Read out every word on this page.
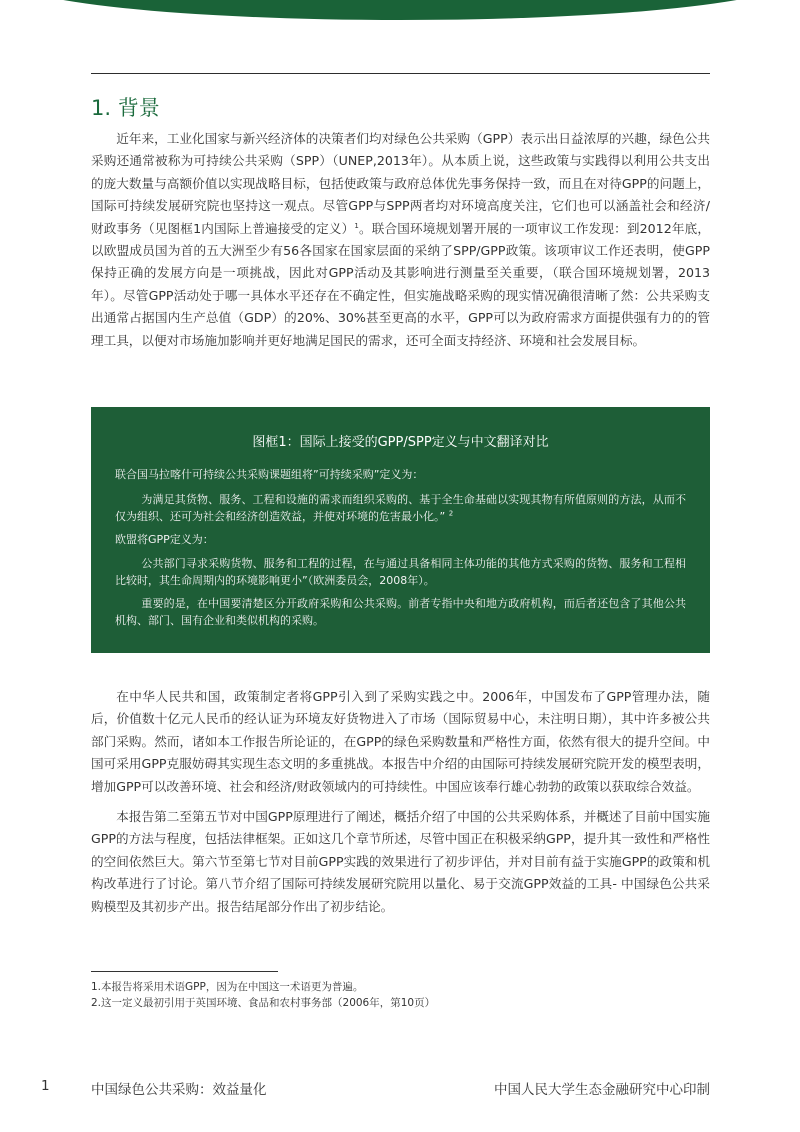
1. 背景

近年来，工业化国家与新兴经济体的决策者们均对绿色公共采购（GPP）表示出日益浓厚的兴趣，绿色公共采购还通常被称为可持续公共采购（SPP）（UNEP,2013年）。从本质上说，这些政策与实践得以利用公共支出的庞大数量与高额价值以实现战略目标，包括使政策与政府总体优先事务保持一致，而且在对待GPP的问题上，国际可持续发展研究院也坚持这一观点。尽管GPP与SPP两者均对环境高度关注，它们也可以涵盖社会和经济/财政事务（见图框1内国际上普遍接受的定义）$^1$。联合国环境规划署开展的一项审议工作发现：到2012年底，以欧盟成员国为首的五大洲至少有56各国家在国家层面的采纳了SPP/GPP政策。该项审议工作还表明，使GPP保持正确的发展方向是一项挑战，因此对GPP活动及其影响进行测量至关重要，（联合国环境规划署，2013年）。尽管GPP活动处于哪一具体水平还存在不确定性，但实施战略采购的现实情况确很清晰了然：公共采购支出通常占据国内生产总值（GDP）的20%、30%甚至更高的水平，GPP可以为政府需求方面提供强有力的的管理工具，以便对市场施加影响并更好地满足国民的需求，还可全面支持经济、环境和社会发展目标。

www.baogao8.com
图框1：国际上接受的GPP/SPP定义与中文翻译对比

联合国马拉喀什可持续公共采购课题组将”可持续采购”定义为：

为满足其货物、服务、工程和设施的需求而组织采购的、基于全生命基础以实现其物有所值原则的方法，从而不仅为组织、还可为社会和经济创造效益，并使对环境的危害最小化。” $^2$

欧盟将GPP定义为：

公共部门寻求采购货物、服务和工程的过程，在与通过具备相同主体功能的其他方式采购的货物、服务和工程相比较时，其生命周期内的环境影响更小”（欧洲委员会，2008年）。

重要的是，在中国要清楚区分开政府采购和公共采购。前者专指中央和地方政府机构，而后者还包含了其他公共机构、部门、国有企业和类似机构的采购。

在中华人民共和国，政策制定者将GPP引入到了采购实践之中。2006年，中国发布了GPP管理办法，随后，价值数十亿元人民币的经认证为环境友好货物进入了市场（国际贸易中心，未注明日期），其中许多被公共部门采购。然而，诸如本工作报告所论证的，在GPP的绿色采购数量和严格性方面，依然有很大的提升空间。中国可采用GPP克服妨碍其实现生态文明的多重挑战。本报告中介绍的由国际可持续发展研究院开发的模型表明，增加GPP可以改善环境、社会和经济/财政领域内的可持续性。中国应该奉行雄心勃勃的政策以获取综合效益。

本报告第二至第五节对中国GPP原理进行了阐述，概括介绍了中国的公共采购体系，并概述了目前中国实施GPP的方法与程度，包括法律框架。正如这几个章节所述，尽管中国正在积极采纳GPP，提升其一致性和严格性的空间依然巨大。第六节至第七节对目前GPP实践的效果进行了初步评估，并对目前有益于实施GPP的政策和机构改革进行了讨论。第八节介绍了国际可持续发展研究院用以量化、易于交流GPP效益的工具- 中国绿色公共采购模型及其初步产出。报告结尾部分作出了初步结论。

1.本报告将采用术语GPP，因为在中国这一术语更为普遍。

2.这一定义最初引用于英国环境、食品和农村事务部（2006年，第10页）

1	中国绿色公共采购：效益量化	中国人民大学生态金融研究中心印制
